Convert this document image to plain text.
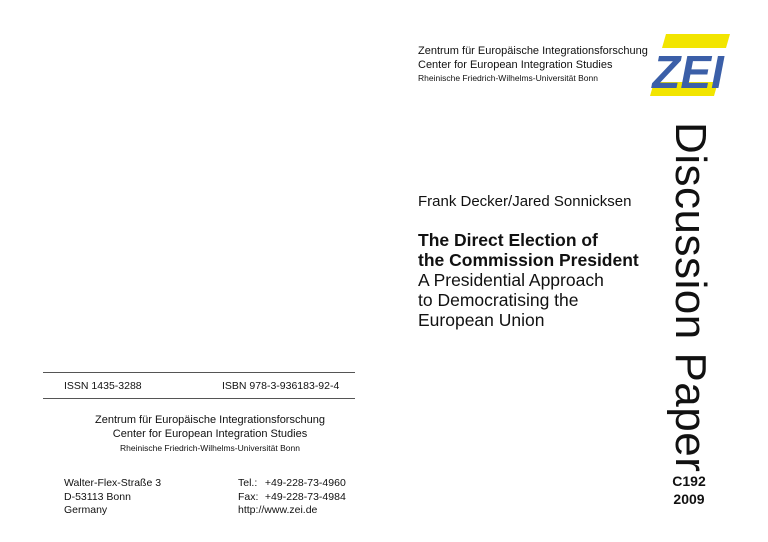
ISSN 1435-3288	ISBN 978-3-936183-92-4
Zentrum für Europäische Integrationsforschung
Center for European Integration Studies
Rheinische Friedrich-Wilhelms-Universität Bonn
Walter-Flex-Straße 3
D-53113 Bonn
Germany
Tel.: +49-228-73-4960
Fax: +49-228-73-4984
http://www.zei.de
Zentrum für Europäische Integrationsforschung
Center for European Integration Studies
Rheinische Friedrich-Wilhelms-Universität Bonn	ZEI
Frank Decker/Jared Sonnicksen
The Direct Election of
the Commission President
A Presidential Approach
to Democratising the
European Union	Discussion Paper
C192
2009
